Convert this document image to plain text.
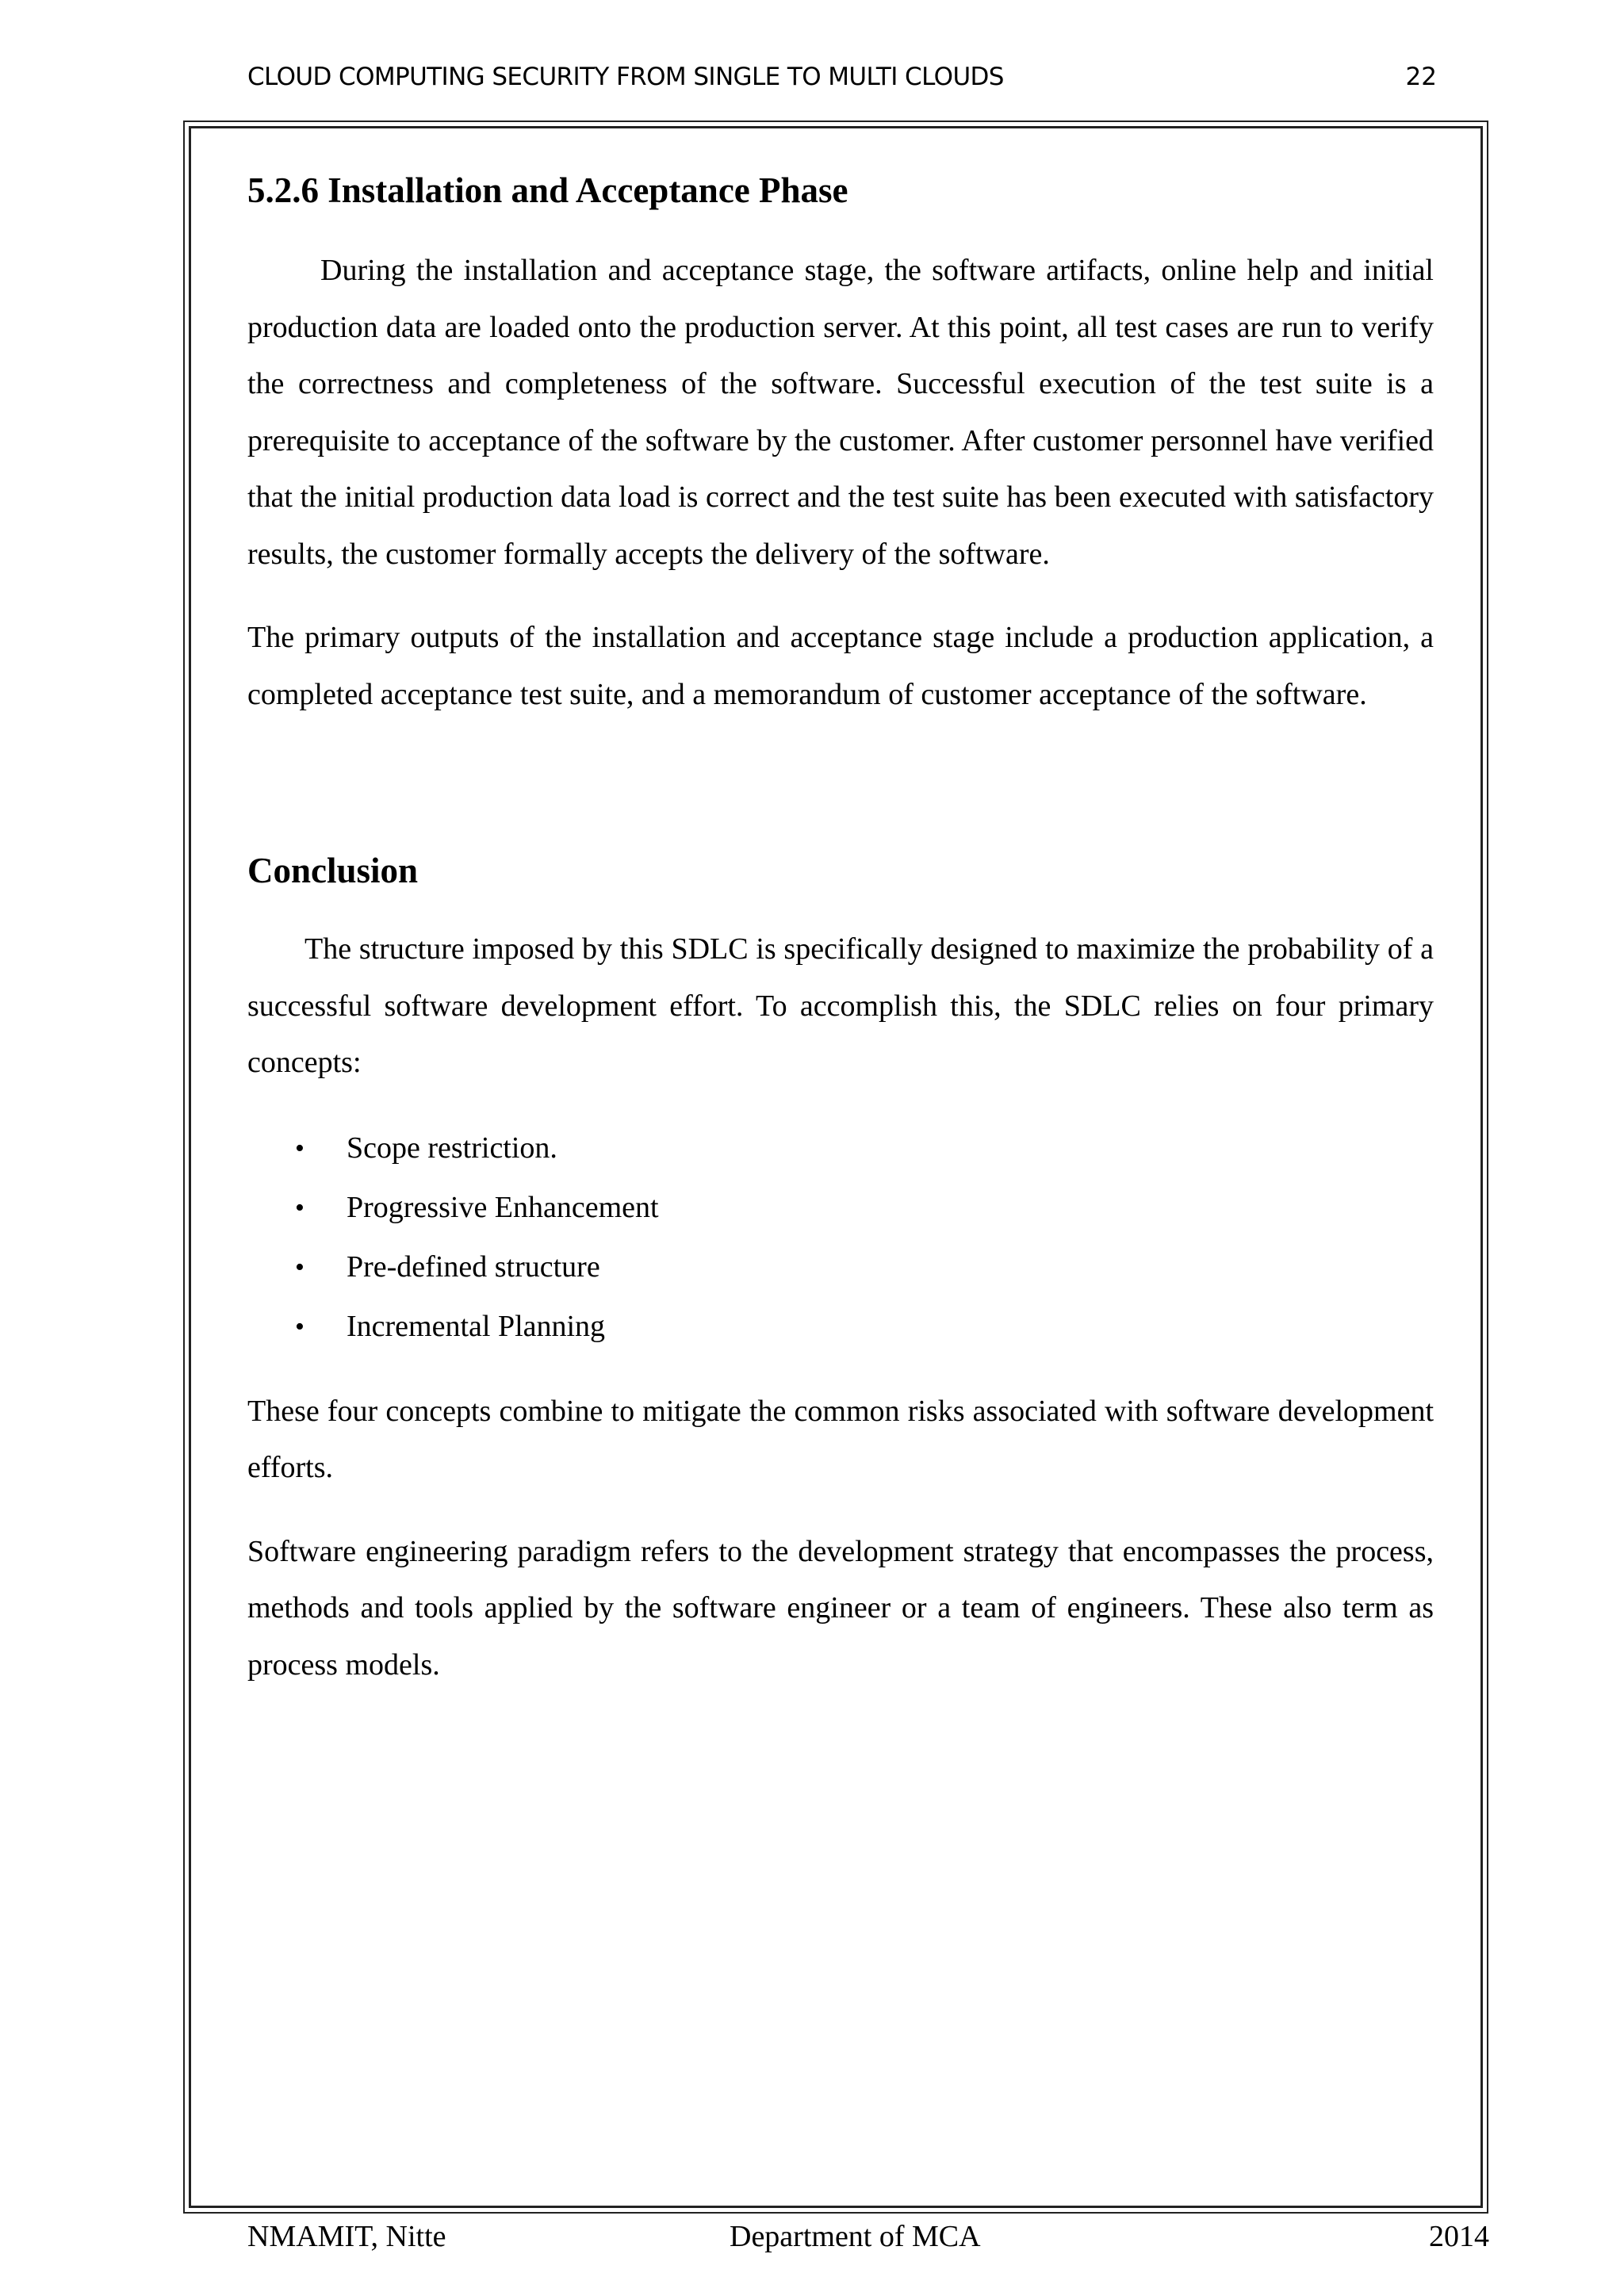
CLOUD COMPUTING SECURITY FROM SINGLE TO MULTI CLOUDS	22
5.2.6 Installation and Acceptance Phase

During the installation and acceptance stage, the software artifacts, online help and initial production data are loaded onto the production server. At this point, all test cases are run to verify the correctness and completeness of the software. Successful execution of the test suite is a prerequisite to acceptance of the software by the customer. After customer personnel have verified that the initial production data load is correct and the test suite has been executed with satisfactory results, the customer formally accepts the delivery of the software.

The primary outputs of the installation and acceptance stage include a production application, a completed acceptance test suite, and a memorandum of customer acceptance of the software.

Conclusion

The structure imposed by this SDLC is specifically designed to maximize the probability of a successful software development effort. To accomplish this, the SDLC relies on four primary concepts:

• Scope restriction.
• Progressive Enhancement
• Pre-defined structure
• Incremental Planning

These four concepts combine to mitigate the common risks associated with software development efforts.

Software engineering paradigm refers to the development strategy that encompasses the process, methods and tools applied by the software engineer or a team of engineers. These also term as process models.

NMAMIT, Nitte	Department of MCA	2014
